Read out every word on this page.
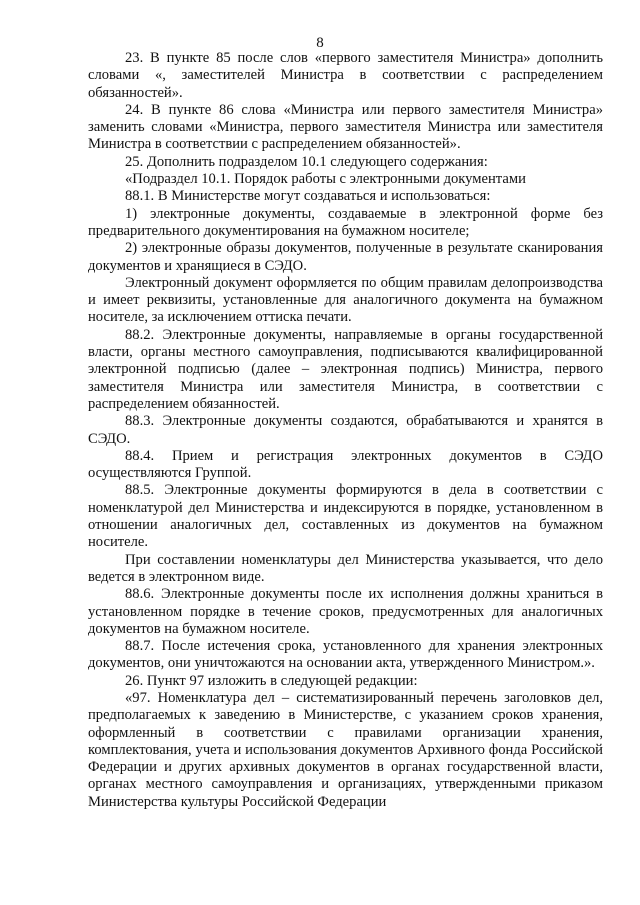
8

23. В пункте 85 после слов «первого заместителя Министра» дополнить словами «, заместителей Министра в соответствии с распределением обязанностей».

24. В пункте 86 слова «Министра или первого заместителя Министра» заменить словами «Министра, первого заместителя Министра или заместителя Министра в соответствии с распределением обязанностей».

25. Дополнить подразделом 10.1 следующего содержания:

«Подраздел 10.1. Порядок работы с электронными документами

88.1. В Министерстве могут создаваться и использоваться:

1) электронные документы, создаваемые в электронной форме без предварительного документирования на бумажном носителе;

2) электронные образы документов, полученные в результате сканирования документов и хранящиеся в СЭДО.

Электронный документ оформляется по общим правилам делопроизводства и имеет реквизиты, установленные для аналогичного документа на бумажном носителе, за исключением оттиска печати.

88.2. Электронные документы, направляемые в органы государственной власти, органы местного самоуправления, подписываются квалифицированной электронной подписью (далее – электронная подпись) Министра, первого заместителя Министра или заместителя Министра, в соответствии с распределением обязанностей.

88.3. Электронные документы создаются, обрабатываются и хранятся в СЭДО.

88.4. Прием и регистрация электронных документов в СЭДО осуществляются Группой.

88.5. Электронные документы формируются в дела в соответствии с номенклатурой дел Министерства и индексируются в порядке, установленном в отношении аналогичных дел, составленных из документов на бумажном носителе.

При составлении номенклатуры дел Министерства указывается, что дело ведется в электронном виде.

88.6. Электронные документы после их исполнения должны храниться в установленном порядке в течение сроков, предусмотренных для аналогичных документов на бумажном носителе.

88.7. После истечения срока, установленного для хранения электронных документов, они уничтожаются на основании акта, утвержденного Министром.».

26. Пункт 97 изложить в следующей редакции:

«97. Номенклатура дел – систематизированный перечень заголовков дел, предполагаемых к заведению в Министерстве, с указанием сроков хранения, оформленный в соответствии с правилами организации хранения, комплектования, учета и использования документов Архивного фонда Российской Федерации и других архивных документов в органах государственной власти, органах местного самоуправления и организациях, утвержденными приказом Министерства культуры Российской Федерации
